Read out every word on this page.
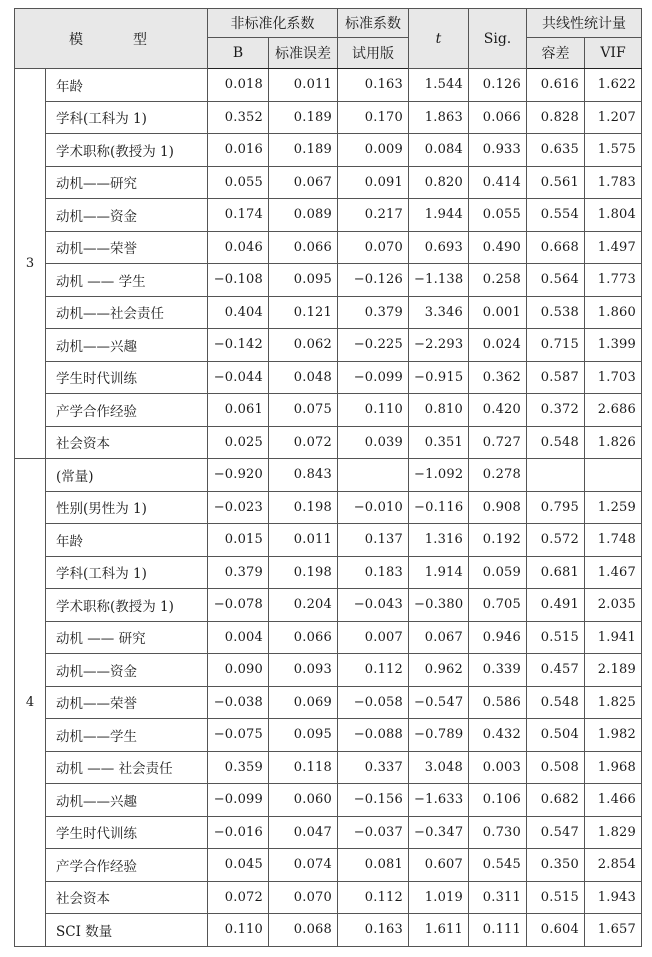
模　型		非标准化系数		标准系数	t	Sig.	共线性统计量	
		B	标准误差	试用版			容差	VIF
3	年龄	0.018	0.011	0.163	1.544	0.126	0.616	1.622
	学科(工科为 1)	0.352	0.189	0.170	1.863	0.066	0.828	1.207
	学术职称(教授为 1)	0.016	0.189	0.009	0.084	0.933	0.635	1.575
	动机——研究	0.055	0.067	0.091	0.820	0.414	0.561	1.783
	动机——资金	0.174	0.089	0.217	1.944	0.055	0.554	1.804
	动机——荣誉	0.046	0.066	0.070	0.693	0.490	0.668	1.497
	动机 —— 学生	−0.108	0.095	−0.126	−1.138	0.258	0.564	1.773
	动机——社会责任	0.404	0.121	0.379	3.346	0.001	0.538	1.860
	动机——兴趣	−0.142	0.062	−0.225	−2.293	0.024	0.715	1.399
	学生时代训练	−0.044	0.048	−0.099	−0.915	0.362	0.587	1.703
	产学合作经验	0.061	0.075	0.110	0.810	0.420	0.372	2.686
	社会资本	0.025	0.072	0.039	0.351	0.727	0.548	1.826
4	(常量)	−0.920	0.843		−1.092	0.278		
	性别(男性为 1)	−0.023	0.198	−0.010	−0.116	0.908	0.795	1.259
	年龄	0.015	0.011	0.137	1.316	0.192	0.572	1.748
	学科(工科为 1)	0.379	0.198	0.183	1.914	0.059	0.681	1.467
	学术职称(教授为 1)	−0.078	0.204	−0.043	−0.380	0.705	0.491	2.035
	动机 —— 研究	0.004	0.066	0.007	0.067	0.946	0.515	1.941
	动机——资金	0.090	0.093	0.112	0.962	0.339	0.457	2.189
	动机——荣誉	−0.038	0.069	−0.058	−0.547	0.586	0.548	1.825
	动机——学生	−0.075	0.095	−0.088	−0.789	0.432	0.504	1.982
	动机 —— 社会责任	0.359	0.118	0.337	3.048	0.003	0.508	1.968
	动机——兴趣	−0.099	0.060	−0.156	−1.633	0.106	0.682	1.466
	学生时代训练	−0.016	0.047	−0.037	−0.347	0.730	0.547	1.829
	产学合作经验	0.045	0.074	0.081	0.607	0.545	0.350	2.854
	社会资本	0.072	0.070	0.112	1.019	0.311	0.515	1.943
	SCI 数量	0.110	0.068	0.163	1.611	0.111	0.604	1.657
